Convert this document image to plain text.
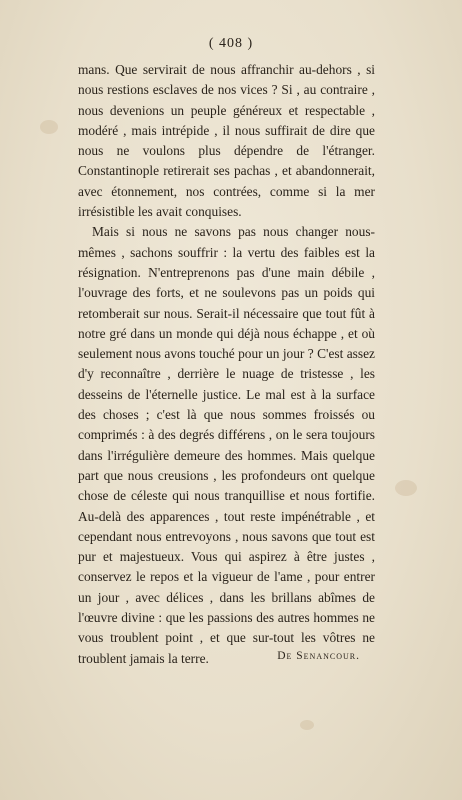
( 408 )

mans. Que servirait de nous affranchir au-dehors , si nous restions esclaves de nos vices ? Si , au contraire , nous devenions un peuple généreux et respectable , modéré , mais intrépide , il nous suffirait de dire que nous ne voulons plus dépendre de l'étranger. Constantinople retirerait ses pachas , et abandonnerait, avec étonnement, nos contrées, comme si la mer irrésistible les avait conquises.

Mais si nous ne savons pas nous changer nous-mêmes , sachons souffrir : la vertu des faibles est la résignation. N'entreprenons pas d'une main débile , l'ouvrage des forts, et ne soulevons pas un poids qui retomberait sur nous. Serait-il nécessaire que tout fût à notre gré dans un monde qui déjà nous échappe , et où seulement nous avons touché pour un jour ? C'est assez d'y reconnaître , derrière le nuage de tristesse , les desseins de l'éternelle justice. Le mal est à la surface des choses ; c'est là que nous sommes froissés ou comprimés : à des degrés différens , on le sera toujours dans l'irrégulière demeure des hommes. Mais quelque part que nous creusions , les profondeurs ont quelque chose de céleste qui nous tranquillise et nous fortifie. Au-delà des apparences , tout reste impénétrable , et cependant nous entrevoyons , nous savons que tout est pur et majestueux. Vous qui aspirez à être justes , conservez le repos et la vigueur de l'ame , pour entrer un jour , avec délices , dans les brillans abîmes de l'œuvre divine : que les passions des autres hommes ne vous troublent point , et que sur-tout les vôtres ne troublent jamais la terre.	De Senancour.
